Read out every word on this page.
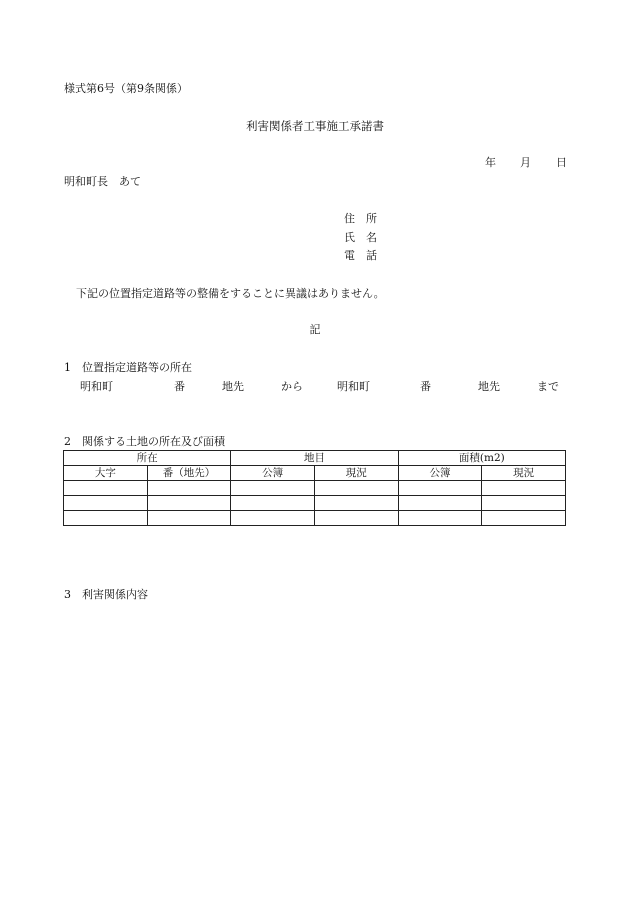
様式第6号（第9条関係）
利害関係者工事施工承諾書
年 月 日
明和町長　あて
住　所
氏　名
電　話
下記の位置指定道路等の整備をすることに異議はありません。
記
1　位置指定道路等の所在
明和町	番	地先	から	明和町	番	地先	まで
2　関係する土地の所在及び面積
所在		地目		面積(m2)	
大字	番（地先）	公簿	現況	公簿	現況

3　利害関係内容
